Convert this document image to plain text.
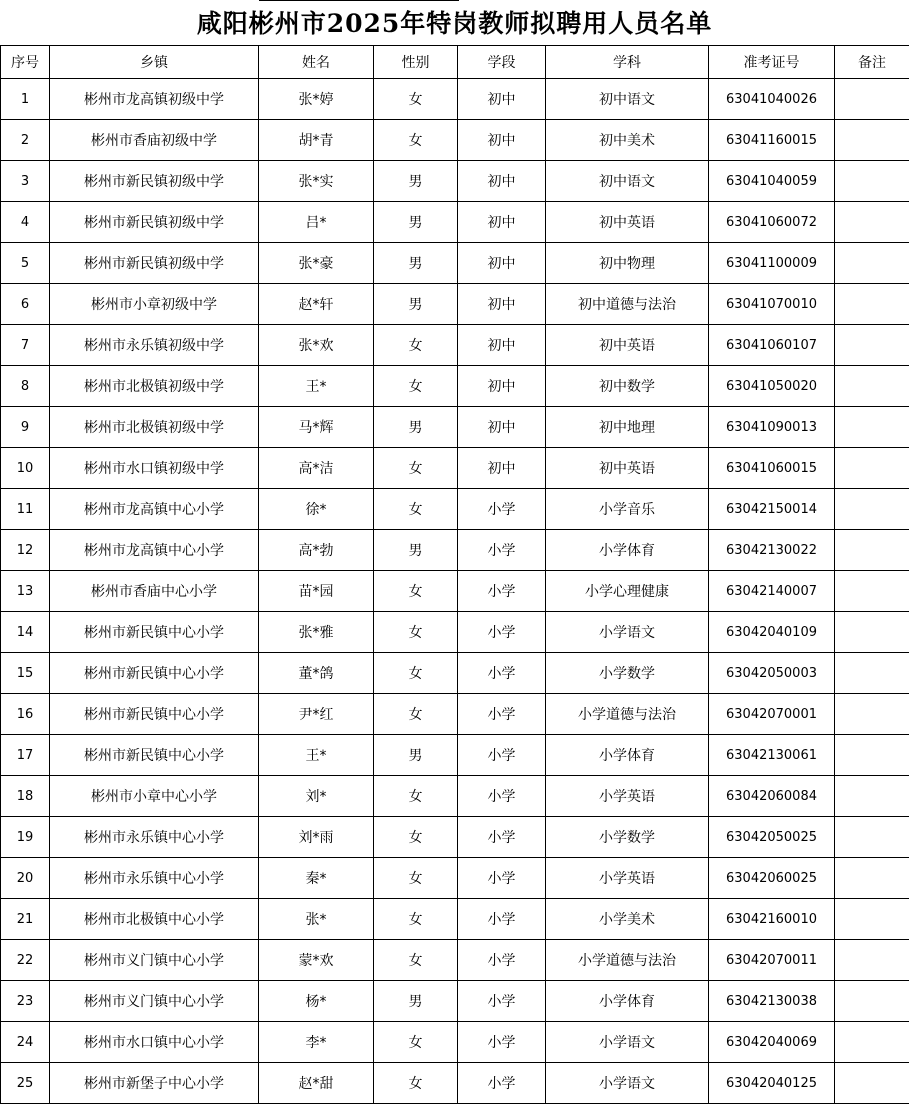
咸阳彬州市2025年特岗教师拟聘用人员名单
序号	乡镇	姓名	性别	学段	学科	准考证号	备注
1	彬州市龙高镇初级中学	张*婷	女	初中	初中语文	63041040026	
2	彬州市香庙初级中学	胡*青	女	初中	初中美术	63041160015	
3	彬州市新民镇初级中学	张*实	男	初中	初中语文	63041040059	
4	彬州市新民镇初级中学	吕*	男	初中	初中英语	63041060072	
5	彬州市新民镇初级中学	张*豪	男	初中	初中物理	63041100009	
6	彬州市小章初级中学	赵*轩	男	初中	初中道德与法治	63041070010	
7	彬州市永乐镇初级中学	张*欢	女	初中	初中英语	63041060107	
8	彬州市北极镇初级中学	王*	女	初中	初中数学	63041050020	
9	彬州市北极镇初级中学	马*辉	男	初中	初中地理	63041090013	
10	彬州市水口镇初级中学	高*洁	女	初中	初中英语	63041060015	
11	彬州市龙高镇中心小学	徐*	女	小学	小学音乐	63042150014	
12	彬州市龙高镇中心小学	高*勃	男	小学	小学体育	63042130022	
13	彬州市香庙中心小学	苗*园	女	小学	小学心理健康	63042140007	
14	彬州市新民镇中心小学	张*雅	女	小学	小学语文	63042040109	
15	彬州市新民镇中心小学	董*鸽	女	小学	小学数学	63042050003	
16	彬州市新民镇中心小学	尹*红	女	小学	小学道德与法治	63042070001	
17	彬州市新民镇中心小学	王*	男	小学	小学体育	63042130061	
18	彬州市小章中心小学	刘*	女	小学	小学英语	63042060084	
19	彬州市永乐镇中心小学	刘*雨	女	小学	小学数学	63042050025	
20	彬州市永乐镇中心小学	秦*	女	小学	小学英语	63042060025	
21	彬州市北极镇中心小学	张*	女	小学	小学美术	63042160010	
22	彬州市义门镇中心小学	蒙*欢	女	小学	小学道德与法治	63042070011	
23	彬州市义门镇中心小学	杨*	男	小学	小学体育	63042130038	
24	彬州市水口镇中心小学	李*	女	小学	小学语文	63042040069	
25	彬州市新堡子中心小学	赵*甜	女	小学	小学语文	63042040125	
